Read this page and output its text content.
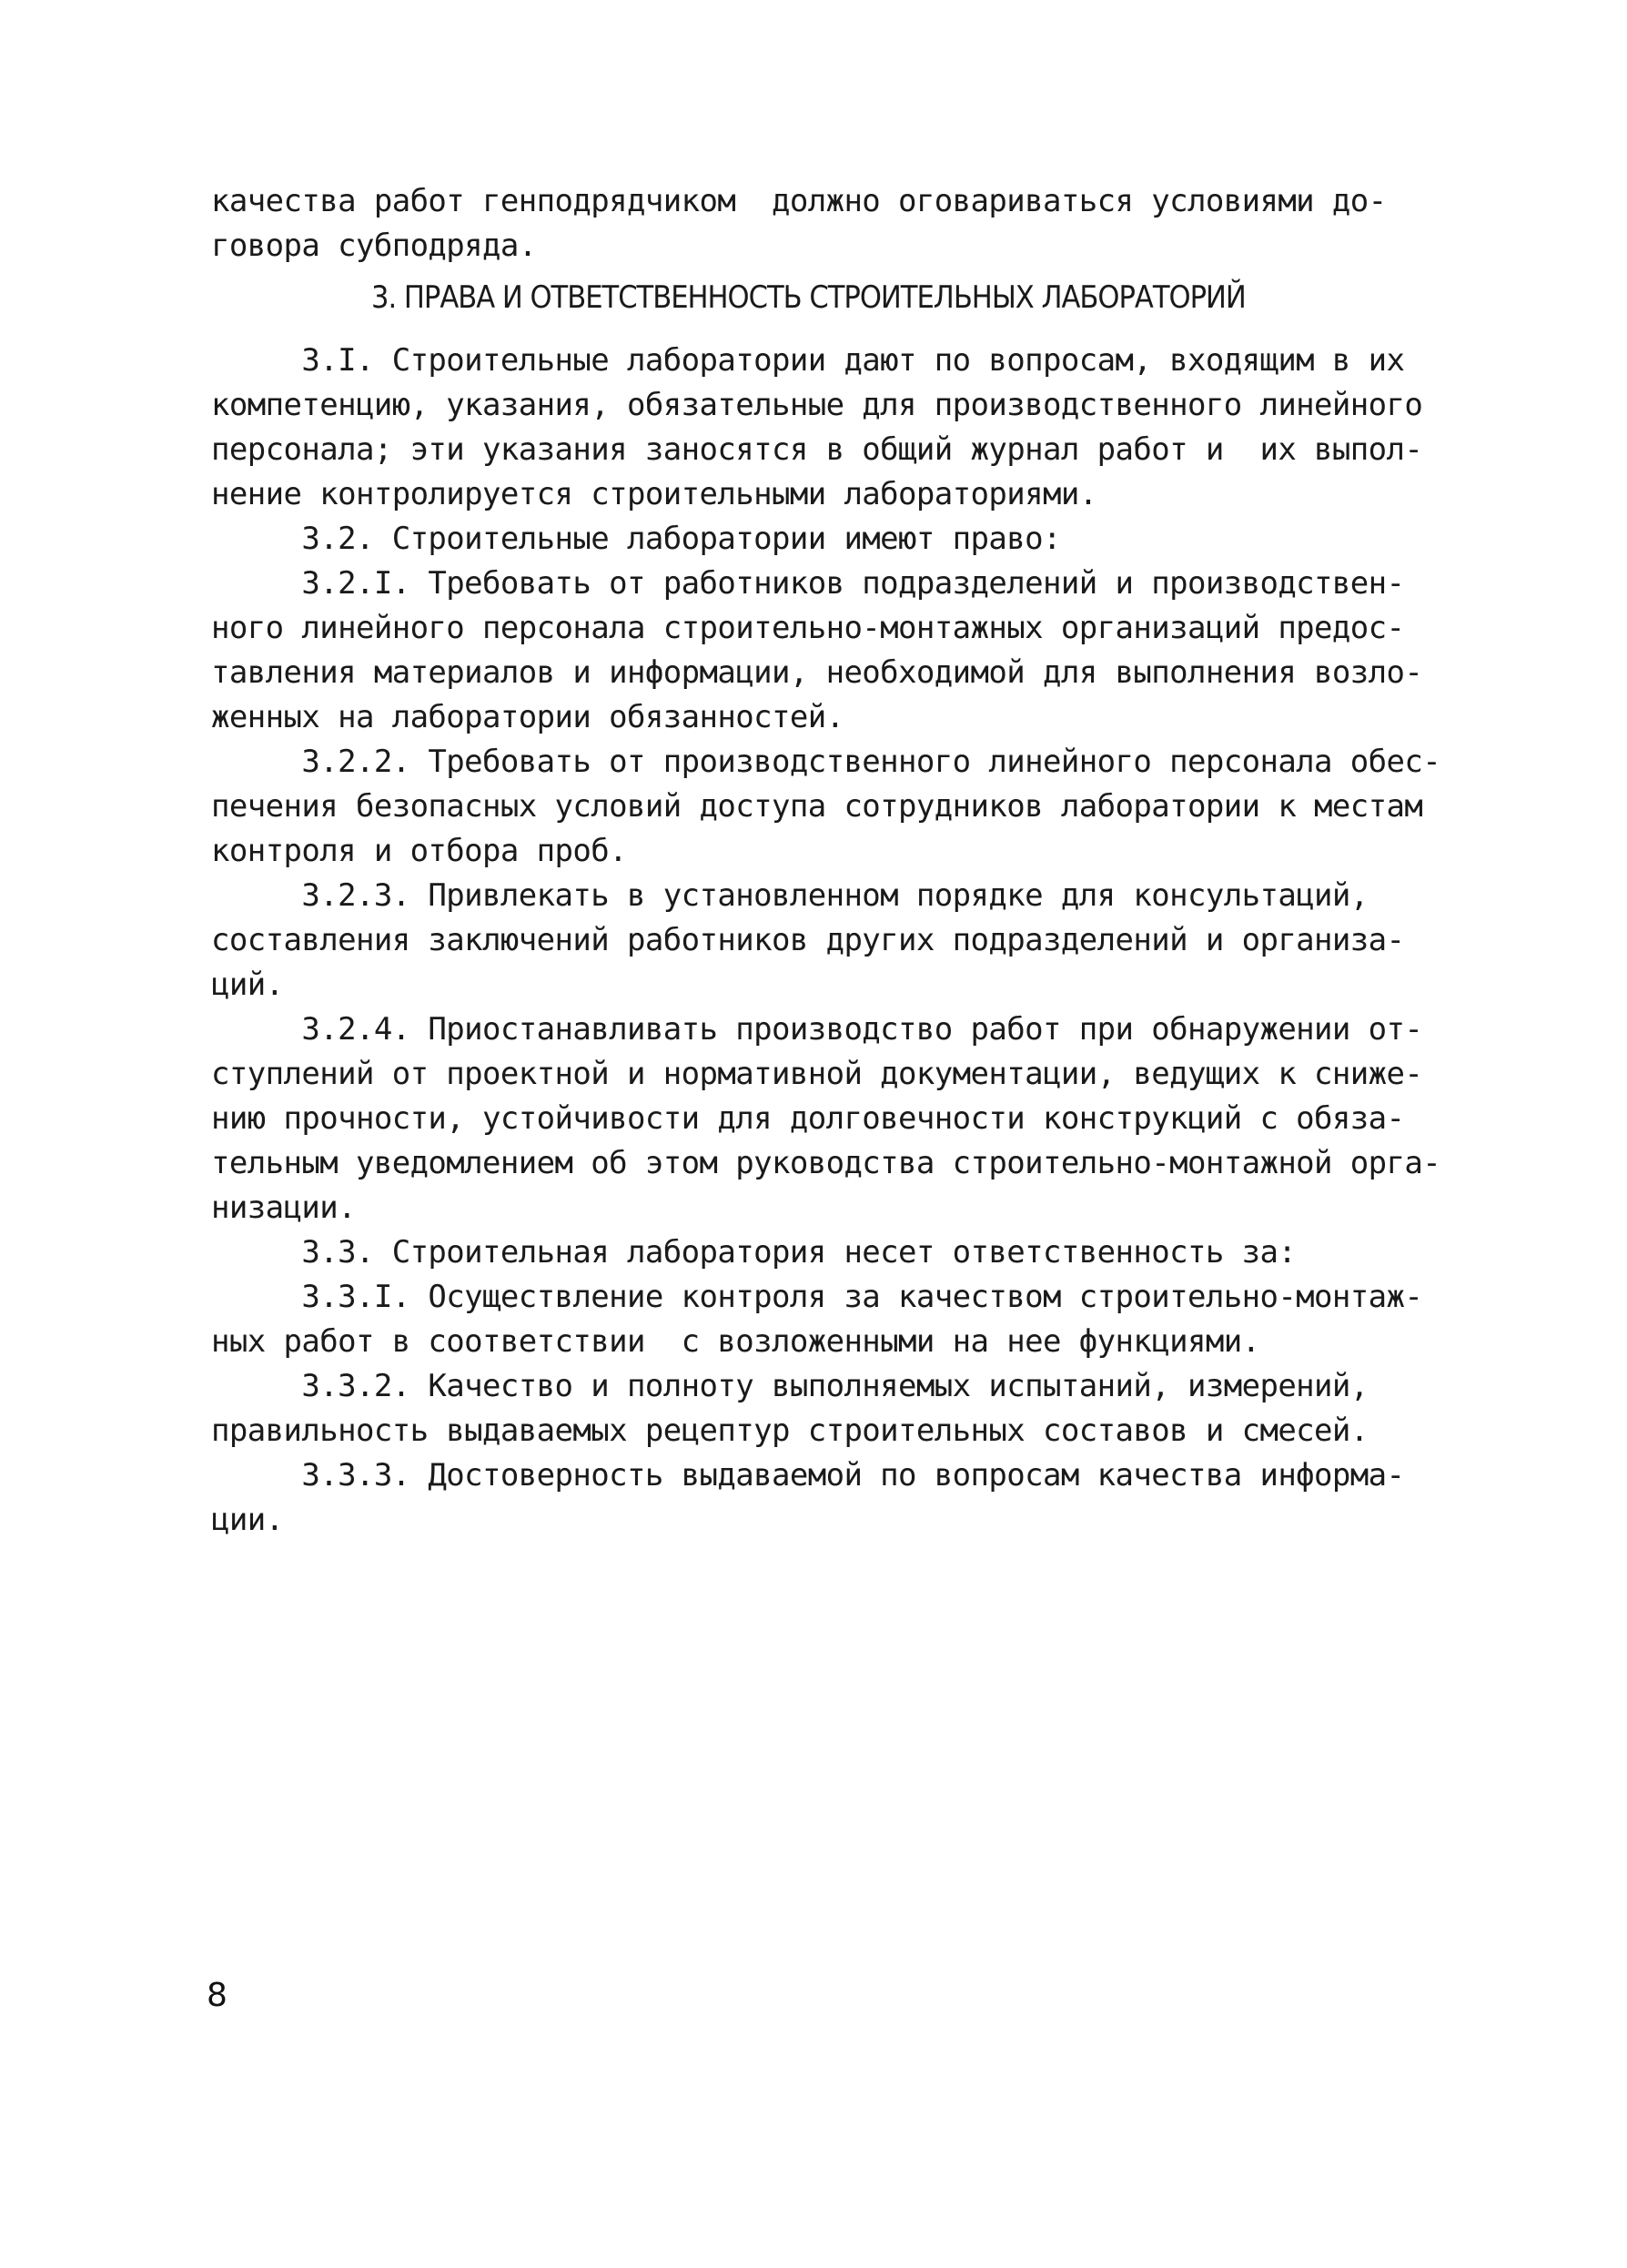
качества работ генподрядчиком  должно оговариваться условиями до-
говора субподряда.
3. ПРАВА И ОТВЕТСТВЕННОСТЬ СТРОИТЕЛЬНЫХ ЛАБОРАТОРИЙ
3.I. Строительные лаборатории дают по вопросам, входящим в их
компетенцию, указания, обязательные для производственного линейного
персонала; эти указания заносятся в общий журнал работ и  их выпол-
нение контролируется строительными лабораториями.
3.2. Строительные лаборатории имеют право:
3.2.I. Требовать от работников подразделений и производствен-
ного линейного персонала строительно-монтажных организаций предос-
тавления материалов и информации, необходимой для выполнения возло-
женных на лаборатории обязанностей.
3.2.2. Требовать от производственного линейного персонала обес-
печения безопасных условий доступа сотрудников лаборатории к местам
контроля и отбора проб.
3.2.3. Привлекать в установленном порядке для консультаций,
составления заключений работников других подразделений и организа-
ций.
3.2.4. Приостанавливать производство работ при обнаружении от-
ступлений от проектной и нормативной документации, ведущих к сниже-
нию прочности, устойчивости для долговечности конструкций с обяза-
тельным уведомлением об этом руководства строительно-монтажной орга-
низации.
3.3. Строительная лаборатория несет ответственность за:
3.3.I. Осуществление контроля за качеством строительно-монтаж-
ных работ в соответствии  с возложенными на нее функциями.
3.3.2. Качество и полноту выполняемых испытаний, измерений,
правильность выдаваемых рецептур строительных составов и смесей.
3.3.3. Достоверность выдаваемой по вопросам качества информа-
ции.
8
